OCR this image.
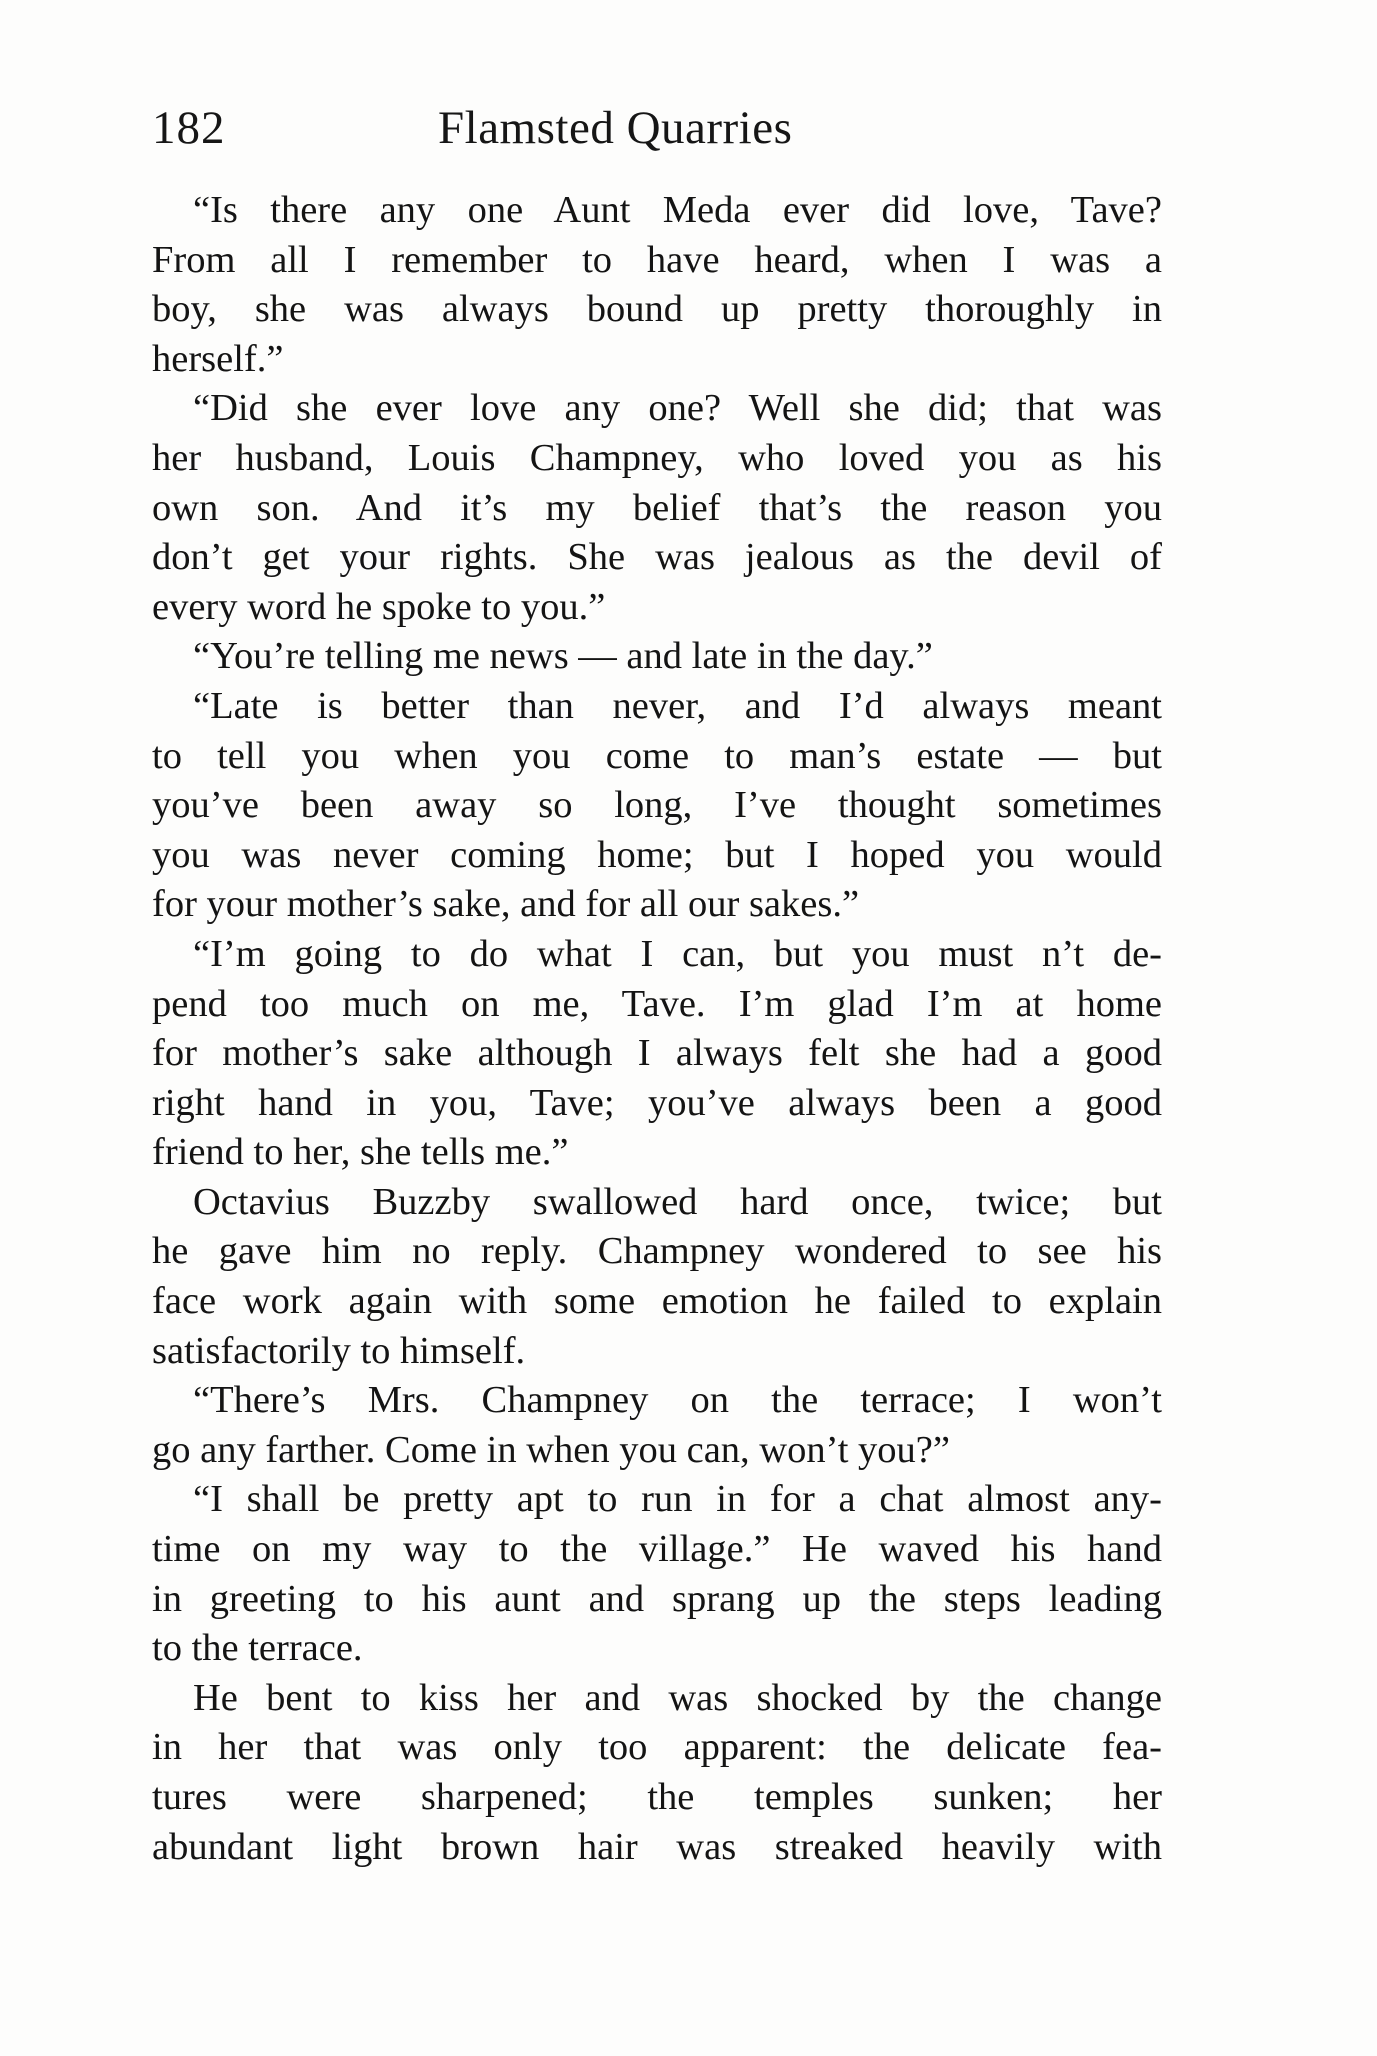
182	Flamsted Quarries
“Is there any one Aunt Meda ever did love, Tave?
From all I remember to have heard, when I was a
boy, she was always bound up pretty thoroughly in
herself.”
“Did she ever love any one? Well she did; that was
her husband, Louis Champney, who loved you as his
own son. And it’s my belief that’s the reason you
don’t get your rights. She was jealous as the devil of
every word he spoke to you.”
“You’re telling me news — and late in the day.”
“Late is better than never, and I’d always meant
to tell you when you come to man’s estate — but
you’ve been away so long, I’ve thought sometimes
you was never coming home; but I hoped you would
for your mother’s sake, and for all our sakes.”
“I’m going to do what I can, but you must n’t de-
pend too much on me, Tave. I’m glad I’m at home
for mother’s sake although I always felt she had a good
right hand in you, Tave; you’ve always been a good
friend to her, she tells me.”
Octavius Buzzby swallowed hard once, twice; but
he gave him no reply. Champney wondered to see his
face work again with some emotion he failed to explain
satisfactorily to himself.
“There’s Mrs. Champney on the terrace; I won’t
go any farther. Come in when you can, won’t you?”
“I shall be pretty apt to run in for a chat almost any-
time on my way to the village.” He waved his hand
in greeting to his aunt and sprang up the steps leading
to the terrace.
He bent to kiss her and was shocked by the change
in her that was only too apparent: the delicate fea-
tures were sharpened; the temples sunken; her
abundant light brown hair was streaked heavily with
